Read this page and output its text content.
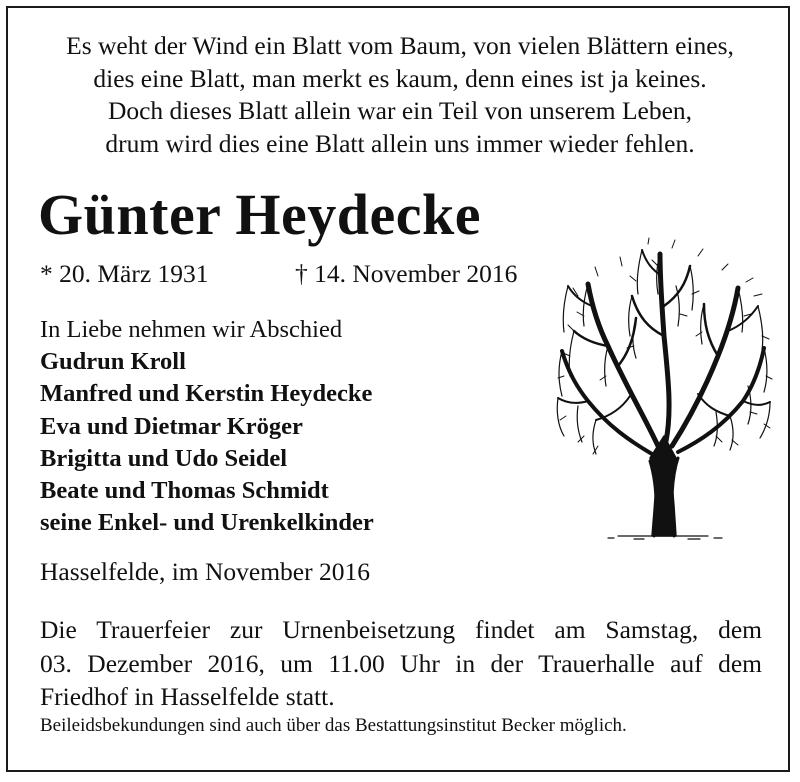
Es weht der Wind ein Blatt vom Baum, von vielen Blättern eines,
dies eine Blatt, man merkt es kaum, denn eines ist ja keines.
Doch dieses Blatt allein war ein Teil von unserem Leben,
drum wird dies eine Blatt allein uns immer wieder fehlen.
Günter Heydecke
* 20. März 1931	† 14. November 2016
In Liebe nehmen wir Abschied
Gudrun Kroll
Manfred und Kerstin Heydecke
Eva und Dietmar Kröger
Brigitta und Udo Seidel
Beate und Thomas Schmidt
seine Enkel- und Urenkelkinder
Hasselfelde, im November 2016
Die Trauerfeier zur Urnenbeisetzung findet am Samstag, dem
03. Dezember 2016, um 11.00 Uhr in der Trauerhalle auf dem
Friedhof in Hasselfelde statt.
Beileidsbekundungen sind auch über das Bestattungsinstitut Becker möglich.
